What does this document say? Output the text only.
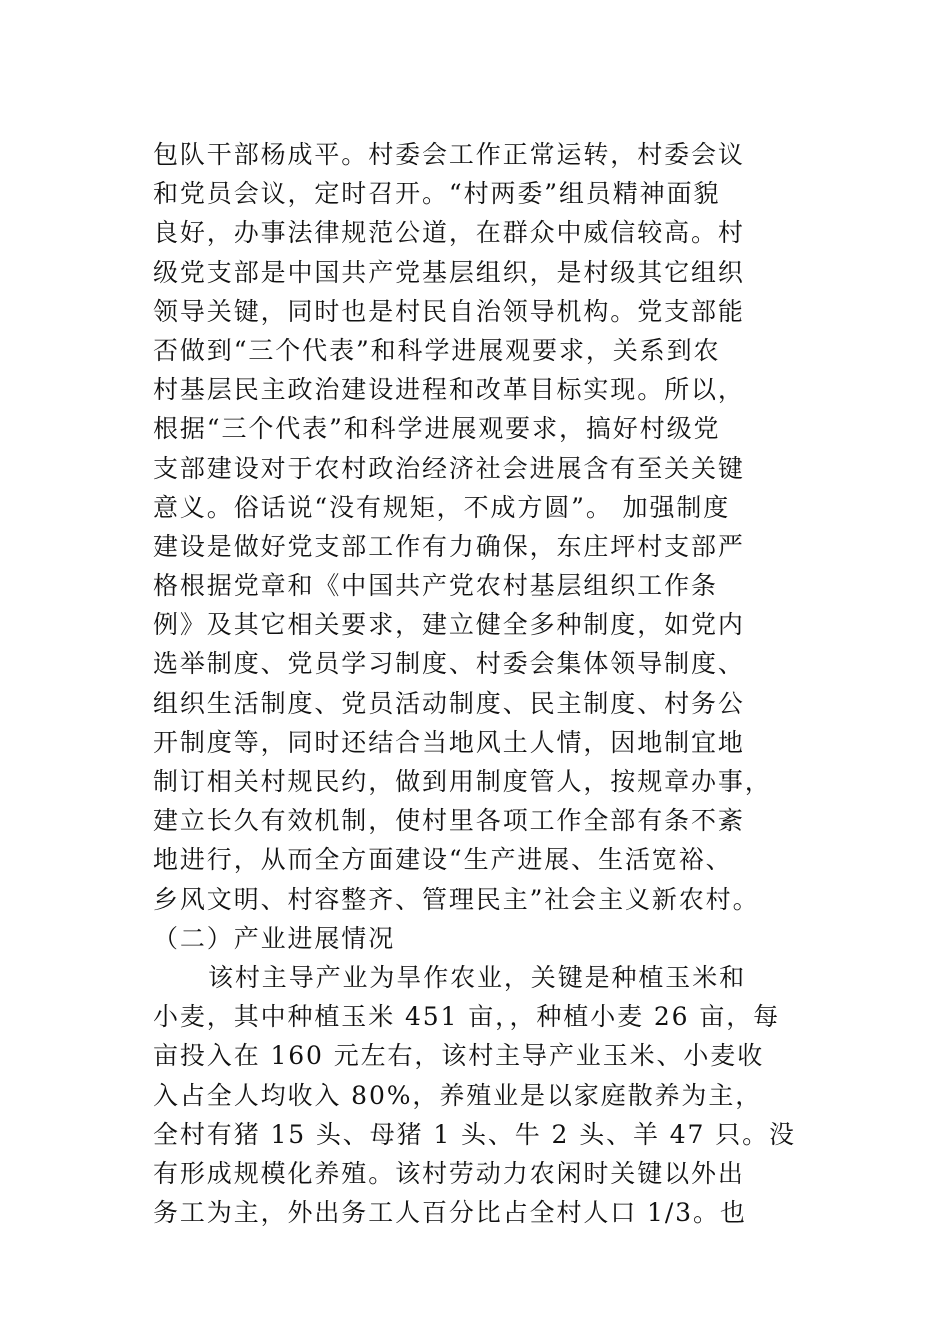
包队干部杨成平。村委会工作正常运转，村委会议
和党员会议，定时召开。“村两委”组员精神面貌
良好，办事法律规范公道，在群众中威信较高。村
级党支部是中国共产党基层组织，是村级其它组织
领导关键，同时也是村民自治领导机构。党支部能
否做到“三个代表”和科学进展观要求，关系到农
村基层民主政治建设进程和改革目标实现。所以，
根据“三个代表”和科学进展观要求，搞好村级党
支部建设对于农村政治经济社会进展含有至关关键
意义。俗话说“没有规矩，不成方圆”。 加强制度
建设是做好党支部工作有力确保，东庄坪村支部严
格根据党章和《中国共产党农村基层组织工作条
例》及其它相关要求，建立健全多种制度，如党内
选举制度、党员学习制度、村委会集体领导制度、
组织生活制度、党员活动制度、民主制度、村务公
开制度等，同时还结合当地风土人情，因地制宜地
制订相关村规民约，做到用制度管人，按规章办事，
建立长久有效机制，使村里各项工作全部有条不紊
地进行，从而全方面建设“生产进展、生活宽裕、
乡风文明、村容整齐、管理民主”社会主义新农村。
（二）产业进展情况
该村主导产业为旱作农业，关键是种植玉米和
小麦，其中种植玉米 451 亩，，种植小麦 26 亩，每
亩投入在 160 元左右，该村主导产业玉米、小麦收
入占全人均收入 80%，养殖业是以家庭散养为主，
全村有猪 15 头、母猪 1 头、牛 2 头、羊 47 只。没
有形成规模化养殖。该村劳动力农闲时关键以外出
务工为主，外出务工人百分比占全村人口 1/3。也
